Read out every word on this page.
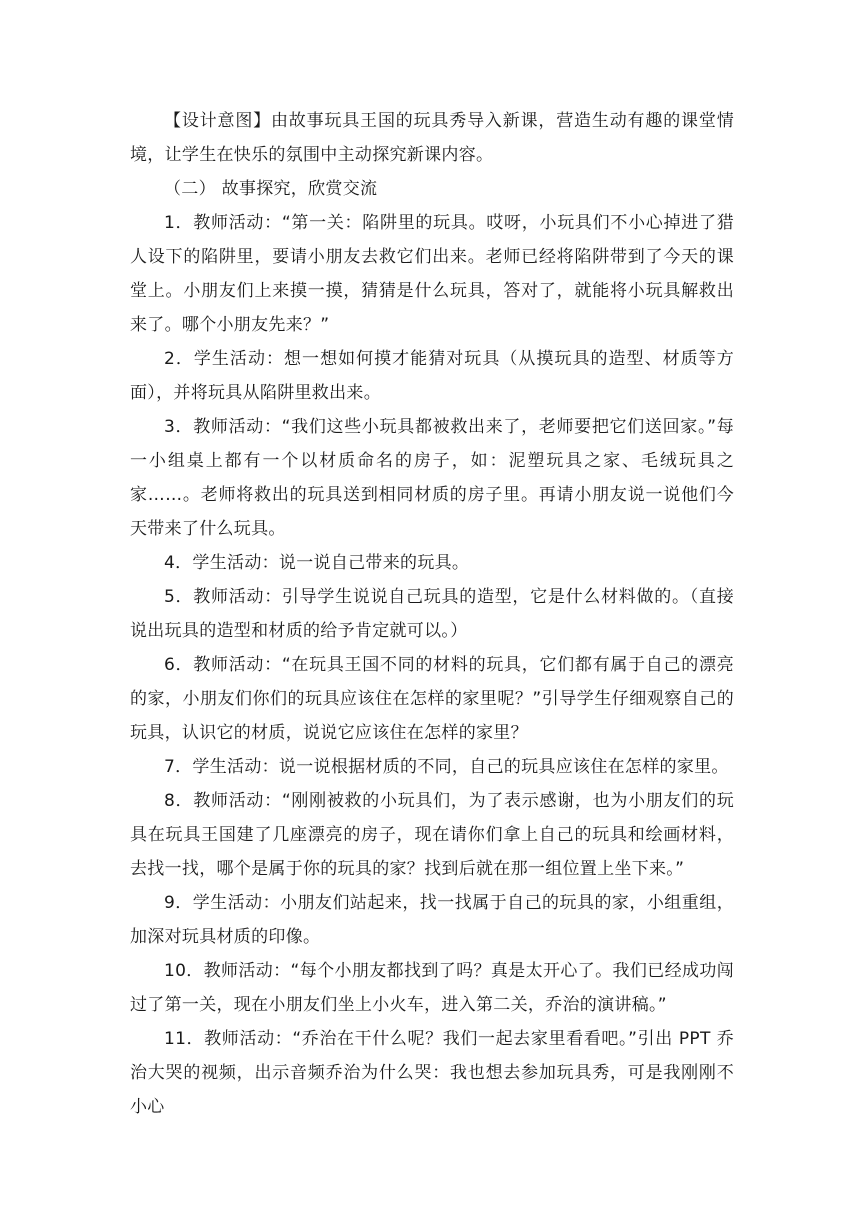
【设计意图】由故事玩具王国的玩具秀导入新课，营造生动有趣的课堂情境，让学生在快乐的氛围中主动探究新课内容。

（二） 故事探究，欣赏交流

1．教师活动：“第一关：陷阱里的玩具。哎呀，小玩具们不小心掉进了猎人设下的陷阱里，要请小朋友去救它们出来。老师已经将陷阱带到了今天的课堂上。小朋友们上来摸一摸，猜猜是什么玩具，答对了，就能将小玩具解救出来了。哪个小朋友先来？”

2．学生活动：想一想如何摸才能猜对玩具（从摸玩具的造型、材质等方面），并将玩具从陷阱里救出来。

3．教师活动：“我们这些小玩具都被救出来了，老师要把它们送回家。”每一小组桌上都有一个以材质命名的房子，如：泥塑玩具之家、毛绒玩具之家……。老师将救出的玩具送到相同材质的房子里。再请小朋友说一说他们今天带来了什么玩具。

4．学生活动：说一说自己带来的玩具。

5．教师活动：引导学生说说自己玩具的造型，它是什么材料做的。（直接说出玩具的造型和材质的给予肯定就可以。）

6．教师活动：“在玩具王国不同的材料的玩具，它们都有属于自己的漂亮的家，小朋友们你们的玩具应该住在怎样的家里呢？”引导学生仔细观察自己的玩具，认识它的材质，说说它应该住在怎样的家里？

7．学生活动：说一说根据材质的不同，自己的玩具应该住在怎样的家里。

8．教师活动：“刚刚被救的小玩具们，为了表示感谢，也为小朋友们的玩具在玩具王国建了几座漂亮的房子，现在请你们拿上自己的玩具和绘画材料，去找一找，哪个是属于你的玩具的家？找到后就在那一组位置上坐下来。”

9．学生活动：小朋友们站起来，找一找属于自己的玩具的家，小组重组，加深对玩具材质的印像。

10．教师活动：“每个小朋友都找到了吗？真是太开心了。我们已经成功闯过了第一关，现在小朋友们坐上小火车，进入第二关，乔治的演讲稿。”

11．教师活动：“乔治在干什么呢？我们一起去家里看看吧。”引出 PPT 乔治大哭的视频，出示音频乔治为什么哭：我也想去参加玩具秀，可是我刚刚不小心
